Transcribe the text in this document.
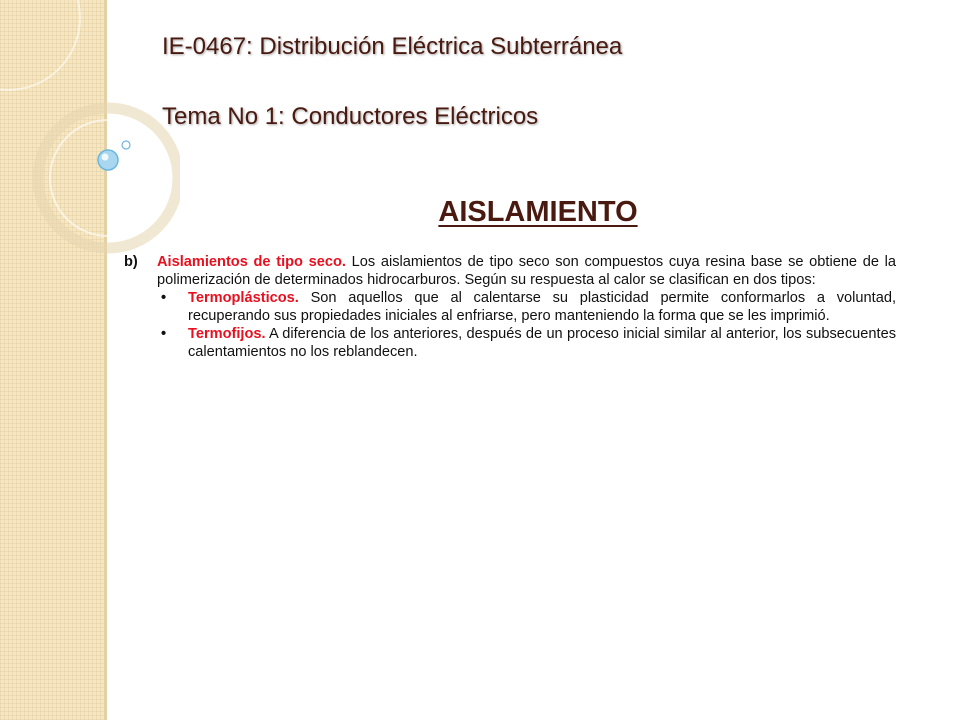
IE-0467: Distribución Eléctrica Subterránea
Tema No 1: Conductores Eléctricos
AISLAMIENTO
b)	Aislamientos de tipo seco. Los aislamientos de tipo seco son compuestos cuya resina base se obtiene de la polimerización de determinados hidrocarburos. Según su respuesta al calor se clasifican en dos tipos:
•	Termoplásticos. Son aquellos que al calentarse su plasticidad permite conformarlos a voluntad, recuperando sus propiedades iniciales al enfriarse, pero manteniendo la forma que se les imprimió.
•	Termofijos. A diferencia de los anteriores, después de un proceso inicial similar al anterior, los subsecuentes calentamientos no los reblandecen.
